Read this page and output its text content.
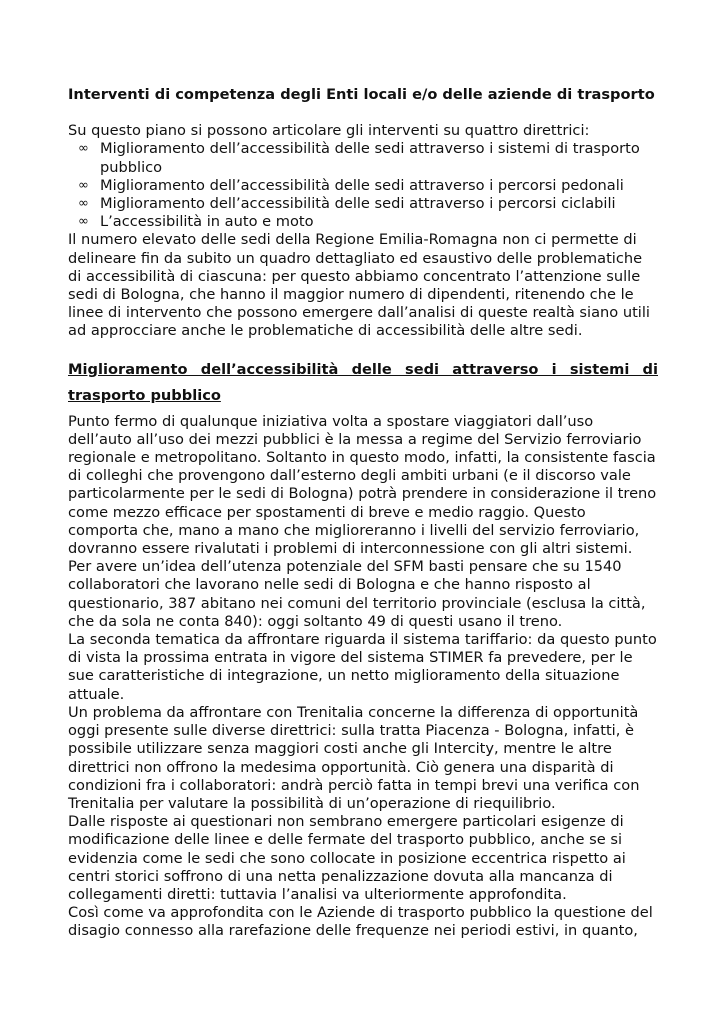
Interventi di competenza degli Enti locali e/o delle aziende di trasporto

Su questo piano si possono articolare gli interventi su quattro direttrici:

∞ Miglioramento dell’accessibilità delle sedi attraverso i sistemi di trasporto pubblico
∞ Miglioramento dell’accessibilità delle sedi attraverso i percorsi pedonali
∞ Miglioramento dell’accessibilità delle sedi attraverso i percorsi ciclabili
∞ L’accessibilità in auto e moto

Il numero elevato delle sedi della Regione Emilia-Romagna non ci permette di delineare fin da subito un quadro dettagliato ed esaustivo delle problematiche di accessibilità di ciascuna: per questo abbiamo concentrato l’attenzione sulle sedi di Bologna, che hanno il maggior numero di dipendenti, ritenendo che le linee di intervento che possono emergere dall’analisi di queste realtà siano utili ad approcciare anche le problematiche di accessibilità delle altre sedi.

Miglioramento dell’accessibilità delle sedi attraverso i sistemi di trasporto pubblico

Punto fermo di qualunque iniziativa volta a spostare viaggiatori dall’uso dell’auto all’uso dei mezzi pubblici è la messa a regime del Servizio ferroviario regionale e metropolitano. Soltanto in questo modo, infatti, la consistente fascia di colleghi che provengono dall’esterno degli ambiti urbani (e il discorso vale particolarmente per le sedi di Bologna) potrà prendere in considerazione il treno come mezzo efficace per spostamenti di breve e medio raggio. Questo comporta che, mano a mano che miglioreranno i livelli del servizio ferroviario, dovranno essere rivalutati i problemi di interconnessione con gli altri sistemi.

Per avere un’idea dell’utenza potenziale del SFM basti pensare che su 1540 collaboratori che lavorano nelle sedi di Bologna e che hanno risposto al questionario, 387 abitano nei comuni del territorio provinciale (esclusa la città, che da sola ne conta 840): oggi soltanto 49 di questi usano il treno.

La seconda tematica da affrontare riguarda il sistema tariffario: da questo punto di vista la prossima entrata in vigore del sistema STIMER fa prevedere, per le sue caratteristiche di integrazione, un netto miglioramento della situazione attuale.

Un problema da affrontare con Trenitalia concerne la differenza di opportunità oggi presente sulle diverse direttrici: sulla tratta Piacenza - Bologna, infatti, è possibile utilizzare senza maggiori costi anche gli Intercity, mentre le altre direttrici non offrono la medesima opportunità. Ciò genera una disparità di condizioni fra i collaboratori: andrà perciò fatta in tempi brevi una verifica con Trenitalia per valutare la possibilità di un’operazione di riequilibrio.

Dalle risposte ai questionari non sembrano emergere particolari esigenze di modificazione delle linee e delle fermate del trasporto pubblico, anche se si evidenzia come le sedi che sono collocate in posizione eccentrica rispetto ai centri storici soffrono di una netta penalizzazione dovuta alla mancanza di collegamenti diretti: tuttavia l’analisi va ulteriormente approfondita.

Così come va approfondita con le Aziende di trasporto pubblico la questione del disagio connesso alla rarefazione delle frequenze nei periodi estivi, in quanto,
